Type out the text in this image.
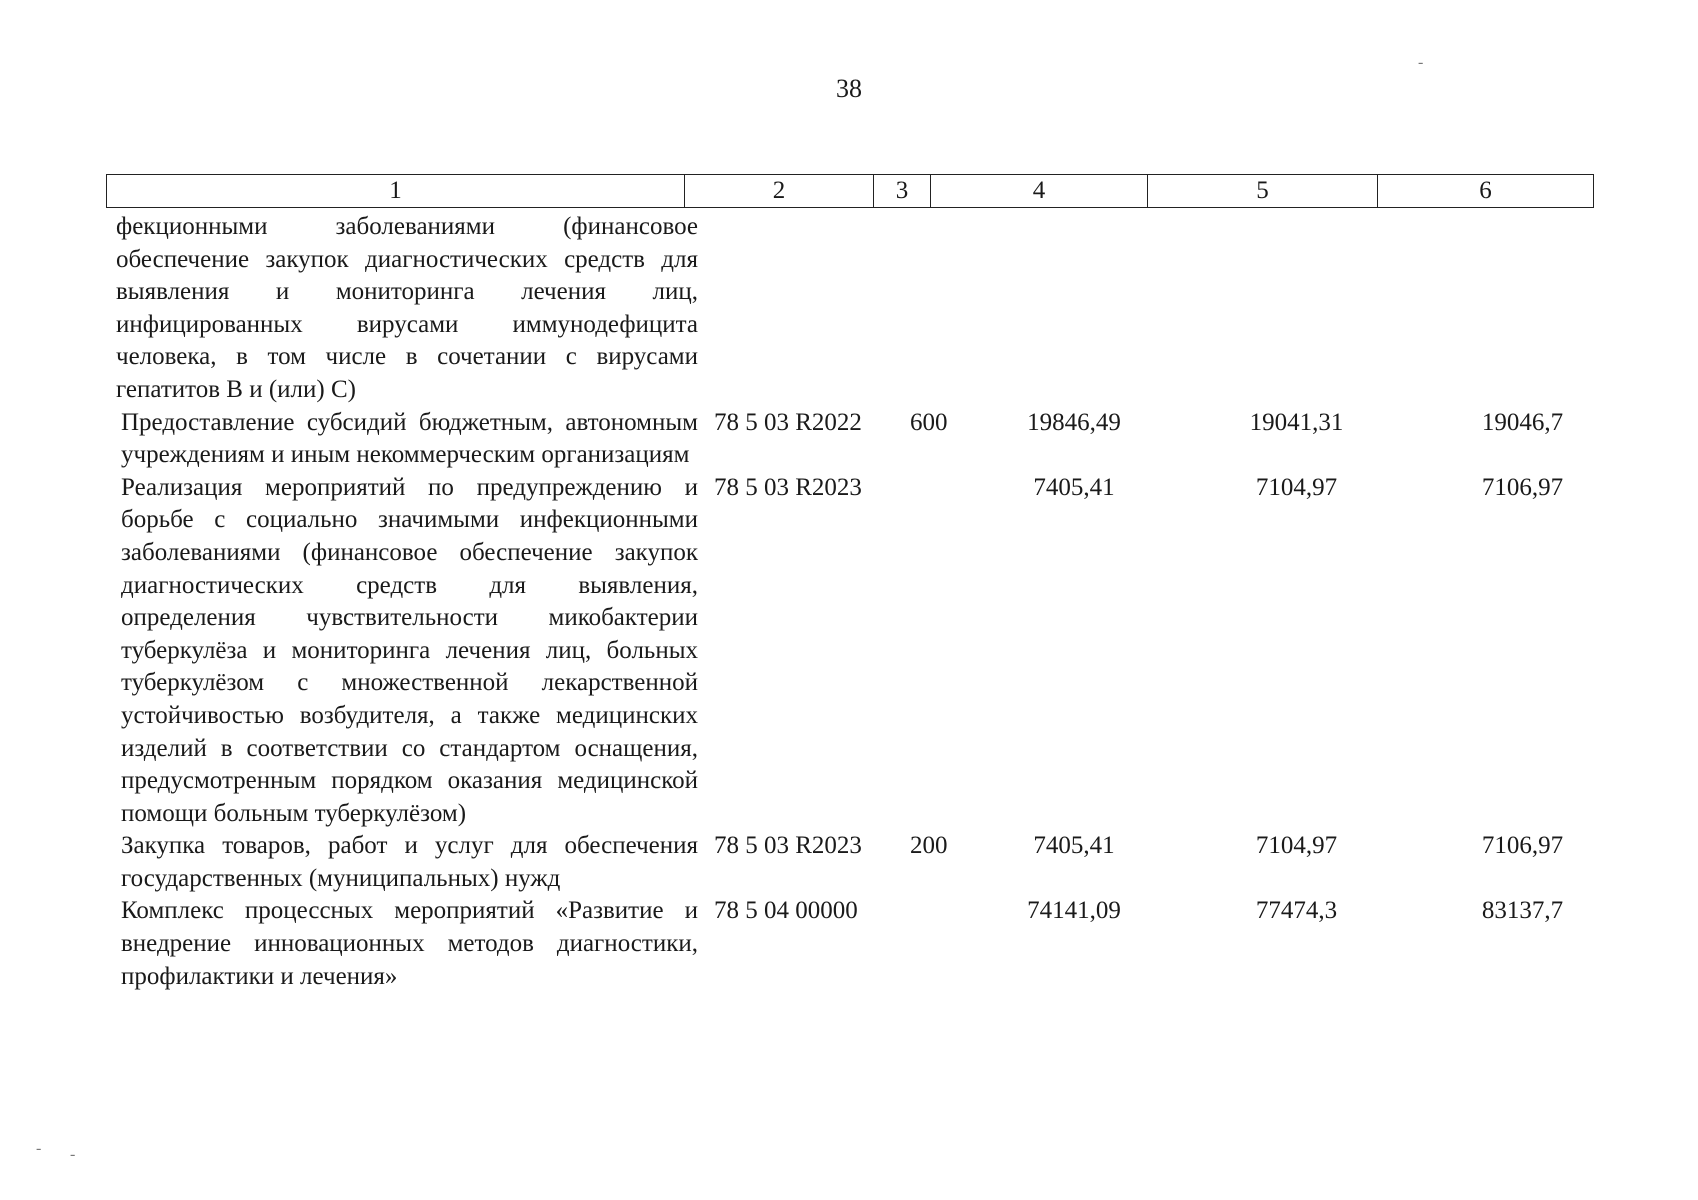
38
1	2	3	4	5	6
фекционными заболеваниями (финансовое обеспечение закупок диагностических средств для выявления и мониторинга лечения лиц, инфицированных вирусами иммунодефицита человека, в том числе в сочетании с вирусами гепатитов В и (или) С)					
Предоставление субсидий бюджетным, автономным учреждениям и иным некоммерческим организациям	78 5 03 R2022	600	19846,49	19041,31	19046,7
Реализация мероприятий по предупреждению и борьбе с социально значимыми инфекционными заболеваниями (финансовое обеспечение закупок диагностических средств для выявления, определения чувствительности микобактерии туберкулёза и мониторинга лечения лиц, больных туберкулёзом с множественной лекарственной устойчивостью возбудителя, а также медицинских изделий в соответствии со стандартом оснащения, предусмотренным порядком оказания медицинской помощи больным туберкулёзом)	78 5 03 R2023		7405,41	7104,97	7106,97
Закупка товаров, работ и услуг для обеспечения государственных (муниципальных) нужд	78 5 03 R2023	200	7405,41	7104,97	7106,97
Комплекс процессных мероприятий «Развитие и внедрение инновационных методов диагностики, профилактики и лечения»	78 5 04 00000		74141,09	77474,3	83137,7
-
- -
